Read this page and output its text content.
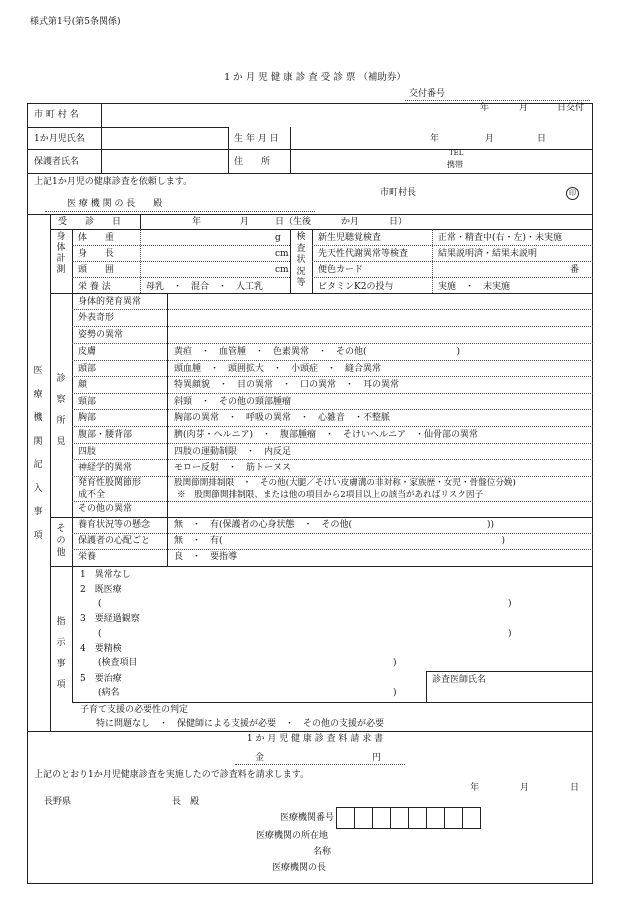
様式第1号(第5条関係)
1 か 月 児 健 康 診 査 受 診 票 （補助券）
交付番号
年	月	日交付
市 町 村 名
1か月児氏名	生 年 月 日	年	月	日
保護者氏名	住　　所
TEL
携帯
上記1か月児の健康診査を依頼します。
市町村長	印
医 療 機 関 の 長　　殿
医
療
機
関
記
入
事
項
受　　診　　日	年	月	日（生後	か月	日）
身
体
計
測
体　　重	g
身　　長	cm
頭　　囲	cm
栄 養 法	母乳　・　混合　・　人工乳
検
査
状
況
等
新生児聴覚検査	正常・精査中(右・左)・未実施
先天性代謝異常等検査	結果説明済・結果未説明
便色カード	番
ビタミンK2の投与	実施　・　未実施
診
察
所
見
身体的発育異常
外表奇形
姿勢の異常
皮膚	黄疸　・　血管腫　・　色素異常　・　その他(　　　　　　　　　　)
頭部	頭血腫　・　頭囲拡大　・　小頭症　・　縫合異常
顔	特異顔貌　・　目の異常　・　口の異常　・　耳の異常
頸部	斜頸　・　その他の頸部腫瘤
胸部	胸部の異常　・　呼吸の異常　・　心雑音　・不整脈
腹部・腰背部	臍(肉芽・ヘルニア)　・　腹部腫瘤　・　そけいヘルニア　・仙骨部の異常
四肢	四肢の運動制限　・　内反足
神経学的異常	モロー反射　・　筋トーヌス
発育性股関節形
成不全
股関節開排制限　・　その他(大腿／そけい皮膚溝の非対称・家族歴・女児・骨盤位分娩)
※　股関節開排制限、または他の項目から2項目以上の該当があればリスク因子
その他の異常
そ
の
他
養育状況等の懸念	無　・　有(保護者の心身状態　・　その他(　　　　　　　　　　　　　　　))
保護者の心配ごと	無　・　有(　　　　　　　　　　　　　　　　　　　　　　　　　　　　　　　)
栄養	良　・　要指導
指
示
事
項
1　異常なし
2　既医療
(	)
3　要経過観察
(	)
4　要精検
(検査項目	)
5　要治療
(病名	)
診査医師氏名
子育て支援の必要性の判定
特に問題なし　・　保健師による支援が必要　・　その他の支援が必要
1 か 月 児 健 康 診 査 料 請 求 書
金	円
上記のとおり1か月児健康診査を実施したので診査料を請求します。
年	月	日
長野県	長　殿
医療機関番号
医療機関の所在地
名称
医療機関の長
